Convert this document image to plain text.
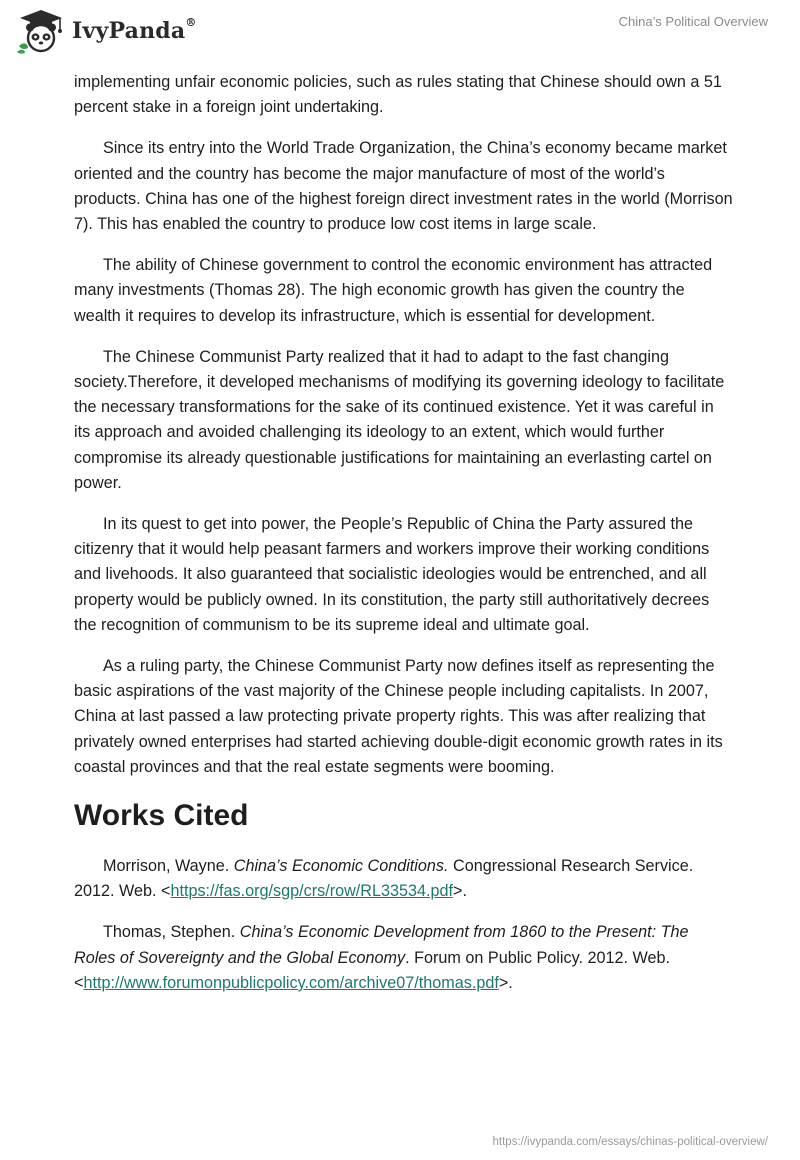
IvyPanda®	China’s Political Overview

implementing unfair economic policies, such as rules stating that Chinese should own a 51 percent stake in a foreign joint undertaking.

Since its entry into the World Trade Organization, the China’s economy became market oriented and the country has become the major manufacture of most of the world’s products. China has one of the highest foreign direct investment rates in the world (Morrison 7). This has enabled the country to produce low cost items in large scale.

The ability of Chinese government to control the economic environment has attracted many investments (Thomas 28). The high economic growth has given the country the wealth it requires to develop its infrastructure, which is essential for development.

The Chinese Communist Party realized that it had to adapt to the fast changing society.Therefore, it developed mechanisms of modifying its governing ideology to facilitate the necessary transformations for the sake of its continued existence. Yet it was careful in its approach and avoided challenging its ideology to an extent, which would further compromise its already questionable justifications for maintaining an everlasting cartel on power.

In its quest to get into power, the People’s Republic of China the Party assured the citizenry that it would help peasant farmers and workers improve their working conditions and livehoods. It also guaranteed that socialistic ideologies would be entrenched, and all property would be publicly owned. In its constitution, the party still authoritatively decrees the recognition of communism to be its supreme ideal and ultimate goal.

As a ruling party, the Chinese Communist Party now defines itself as representing the basic aspirations of the vast majority of the Chinese people including capitalists. In 2007, China at last passed a law protecting private property rights. This was after realizing that privately owned enterprises had started achieving double-digit economic growth rates in its coastal provinces and that the real estate segments were booming.

Works Cited

Morrison, Wayne. China’s Economic Conditions. Congressional Research Service. 2012. Web. <https://fas.org/sgp/crs/row/RL33534.pdf>.

Thomas, Stephen. China’s Economic Development from 1860 to the Present: The Roles of Sovereignty and the Global Economy. Forum on Public Policy. 2012. Web. <http://www.forumonpublicpolicy.com/archive07/thomas.pdf>.

https://ivypanda.com/essays/chinas-political-overview/
